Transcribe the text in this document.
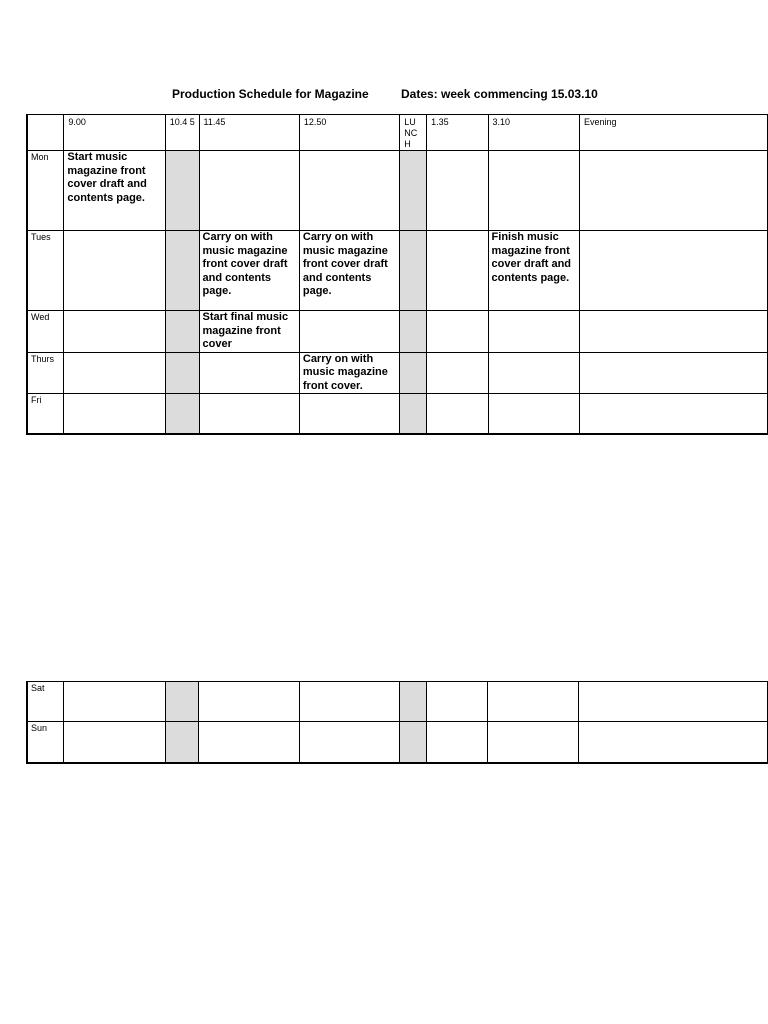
Production Schedule for Magazine	Dates: week commencing 15.03.10

	9.00	10.4 5	11.45	12.50	LU NC H	1.35	3.10	Evening

Mon	Start music magazine front cover draft and contents page.							

Tues			Carry on with music magazine front cover draft and contents page.	Carry on with music magazine front cover draft and contents page.			Finish music magazine front cover draft and contents page.	

Wed			Start final music magazine front cover					

Thurs				Carry on with music magazine front cover.				

Fri								

Sat								

Sun								
